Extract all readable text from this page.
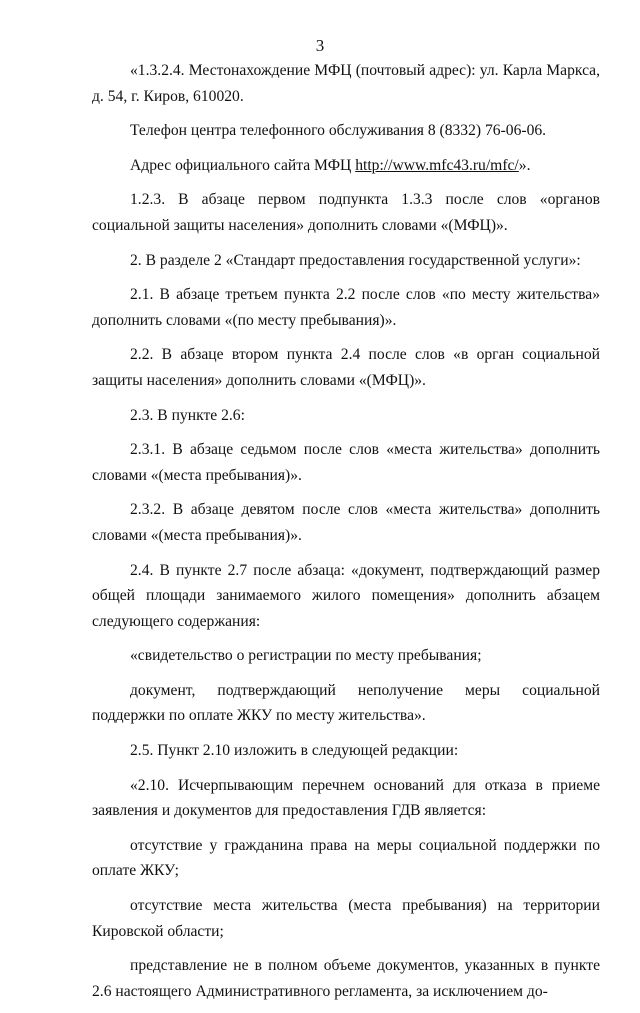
3

«1.3.2.4. Местонахождение МФЦ (почтовый адрес): ул. Карла Маркса, д. 54, г. Киров, 610020.

Телефон центра телефонного обслуживания 8 (8332) 76-06-06.

Адрес официального сайта МФЦ http://www.mfc43.ru/mfc/».

1.2.3. В абзаце первом подпункта 1.3.3 после слов «органов социальной защиты населения» дополнить словами «(МФЦ)».

2. В разделе 2 «Стандарт предоставления государственной услуги»:

2.1. В абзаце третьем пункта 2.2 после слов «по месту жительства» дополнить словами «(по месту пребывания)».

2.2. В абзаце втором пункта 2.4 после слов «в орган социальной защиты населения» дополнить словами «(МФЦ)».

2.3. В пункте 2.6:

2.3.1. В абзаце седьмом после слов «места жительства» дополнить словами «(места пребывания)».

2.3.2. В абзаце девятом после слов «места жительства» дополнить словами «(места пребывания)».

2.4. В пункте 2.7 после абзаца: «документ, подтверждающий размер общей площади занимаемого жилого помещения» дополнить абзацем следующего содержания:

«свидетельство о регистрации по месту пребывания;

документ, подтверждающий неполучение меры социальной поддержки по оплате ЖКУ по месту жительства».

2.5. Пункт 2.10 изложить в следующей редакции:

«2.10. Исчерпывающим перечнем оснований для отказа в приеме заявления и документов для предоставления ГДВ является:

отсутствие у гражданина права на меры социальной поддержки по оплате ЖКУ;

отсутствие места жительства (места пребывания) на территории Кировской области;

представление не в полном объеме документов, указанных в пункте 2.6 настоящего Административного регламента, за исключением до-
